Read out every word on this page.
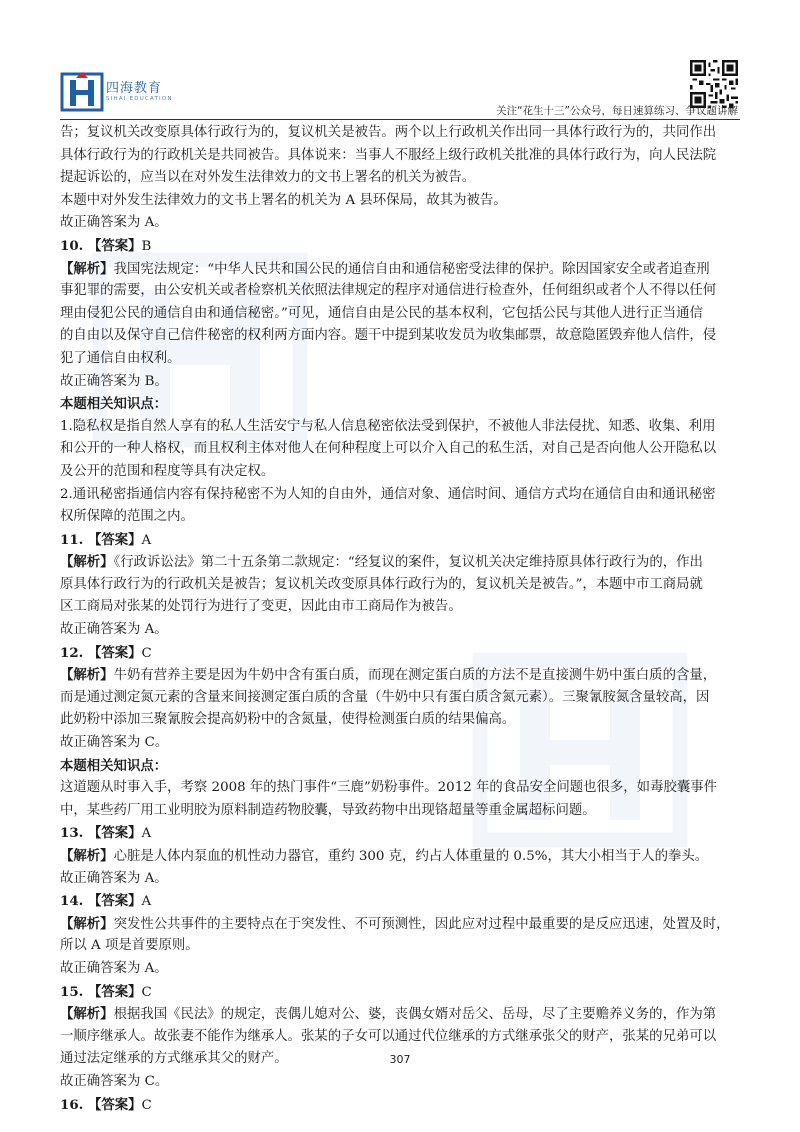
四海教育
SIHAI EDUCATION
关注“花生十三”公众号，每日速算练习、争议题讲解
告；复议机关改变原具体行政行为的，复议机关是被告。两个以上行政机关作出同一具体行政行为的，共同作出
具体行政行为的行政机关是共同被告。具体说来：当事人不服经上级行政机关批准的具体行政行为，向人民法院
提起诉讼的，应当以在对外发生法律效力的文书上署名的机关为被告。
本题中对外发生法律效力的文书上署名的机关为 A 县环保局，故其为被告。
故正确答案为 A。
10. 【答案】B
【解析】我国宪法规定：“中华人民共和国公民的通信自由和通信秘密受法律的保护。除因国家安全或者追查刑
事犯罪的需要，由公安机关或者检察机关依照法律规定的程序对通信进行检查外，任何组织或者个人不得以任何
理由侵犯公民的通信自由和通信秘密。”可见，通信自由是公民的基本权利，它包括公民与其他人进行正当通信
的自由以及保守自己信件秘密的权利两方面内容。题干中提到某收发员为收集邮票，故意隐匿毁弃他人信件，侵
犯了通信自由权利。
故正确答案为 B。
本题相关知识点：
1.隐私权是指自然人享有的私人生活安宁与私人信息秘密依法受到保护，不被他人非法侵扰、知悉、收集、利用
和公开的一种人格权，而且权利主体对他人在何种程度上可以介入自己的私生活，对自己是否向他人公开隐私以
及公开的范围和程度等具有决定权。
2.通讯秘密指通信内容有保持秘密不为人知的自由外，通信对象、通信时间、通信方式均在通信自由和通讯秘密
权所保障的范围之内。
11. 【答案】A
【解析】《行政诉讼法》第二十五条第二款规定：“经复议的案件，复议机关决定维持原具体行政行为的，作出
原具体行政行为的行政机关是被告；复议机关改变原具体行政行为的，复议机关是被告。”，本题中市工商局就
区工商局对张某的处罚行为进行了变更，因此由市工商局作为被告。
故正确答案为 A。
12. 【答案】C
【解析】牛奶有营养主要是因为牛奶中含有蛋白质，而现在测定蛋白质的方法不是直接测牛奶中蛋白质的含量，
而是通过测定氮元素的含量来间接测定蛋白质的含量（牛奶中只有蛋白质含氮元素）。三聚氰胺氮含量较高，因
此奶粉中添加三聚氰胺会提高奶粉中的含氮量，使得检测蛋白质的结果偏高。
故正确答案为 C。
本题相关知识点：
这道题从时事入手，考察 2008 年的热门事件“三鹿”奶粉事件。2012 年的食品安全问题也很多，如毒胶囊事件
中，某些药厂用工业明胶为原料制造药物胶囊，导致药物中出现铬超量等重金属超标问题。
13. 【答案】A
【解析】心脏是人体内泵血的机性动力器官，重约 300 克，约占人体重量的 0.5%，其大小相当于人的拳头。
故正确答案为 A。
14. 【答案】A
【解析】突发性公共事件的主要特点在于突发性、不可预测性，因此应对过程中最重要的是反应迅速，处置及时，
所以 A 项是首要原则。
故正确答案为 A。
15. 【答案】C
【解析】根据我国《民法》的规定，丧偶儿媳对公、婆，丧偶女婿对岳父、岳母，尽了主要赡养义务的，作为第
一顺序继承人。故张妻不能作为继承人。张某的子女可以通过代位继承的方式继承张父的财产，张某的兄弟可以
通过法定继承的方式继承其父的财产。
故正确答案为 C。
16. 【答案】C
307
